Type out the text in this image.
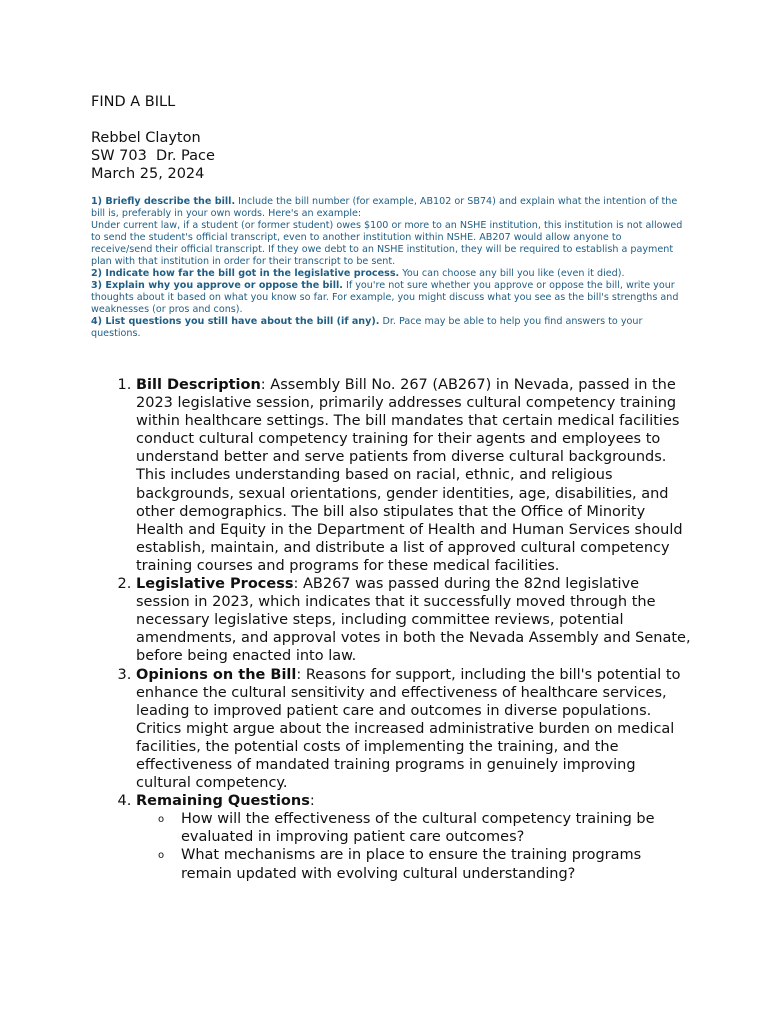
FIND A BILL
Rebbel Clayton
SW 703  Dr. Pace
March 25, 2024

1) Briefly describe the bill. Include the bill number (for example, AB102 or SB74) and explain what the intention of the bill is, preferably in your own words. Here's an example:

Under current law, if a student (or former student) owes $100 or more to an NSHE institution, this institution is not allowed to send the student's official transcript, even to another institution within NSHE. AB207 would allow anyone to receive/send their official transcript. If they owe debt to an NSHE institution, they will be required to establish a payment plan with that institution in order for their transcript to be sent.

2) Indicate how far the bill got in the legislative process. You can choose any bill you like (even it died).

3) Explain why you approve or oppose the bill. If you're not sure whether you approve or oppose the bill, write your thoughts about it based on what you know so far. For example, you might discuss what you see as the bill's strengths and weaknesses (or pros and cons).

4) List questions you still have about the bill (if any). Dr. Pace may be able to help you find answers to your questions.

1. Bill Description: Assembly Bill No. 267 (AB267) in Nevada, passed in the 2023 legislative session, primarily addresses cultural competency training within healthcare settings. The bill mandates that certain medical facilities conduct cultural competency training for their agents and employees to understand better and serve patients from diverse cultural backgrounds. This includes understanding based on racial, ethnic, and religious backgrounds, sexual orientations, gender identities, age, disabilities, and other demographics. The bill also stipulates that the Office of Minority Health and Equity in the Department of Health and Human Services should establish, maintain, and distribute a list of approved cultural competency training courses and programs for these medical facilities.
2. Legislative Process: AB267 was passed during the 82nd legislative session in 2023, which indicates that it successfully moved through the necessary legislative steps, including committee reviews, potential amendments, and approval votes in both the Nevada Assembly and Senate, before being enacted into law.
3. Opinions on the Bill: Reasons for support, including the bill's potential to enhance the cultural sensitivity and effectiveness of healthcare services, leading to improved patient care and outcomes in diverse populations. Critics might argue about the increased administrative burden on medical facilities, the potential costs of implementing the training, and the effectiveness of mandated training programs in genuinely improving cultural competency.
4. Remaining Questions:
o How will the effectiveness of the cultural competency training be evaluated in improving patient care outcomes?
o What mechanisms are in place to ensure the training programs remain updated with evolving cultural understanding?
